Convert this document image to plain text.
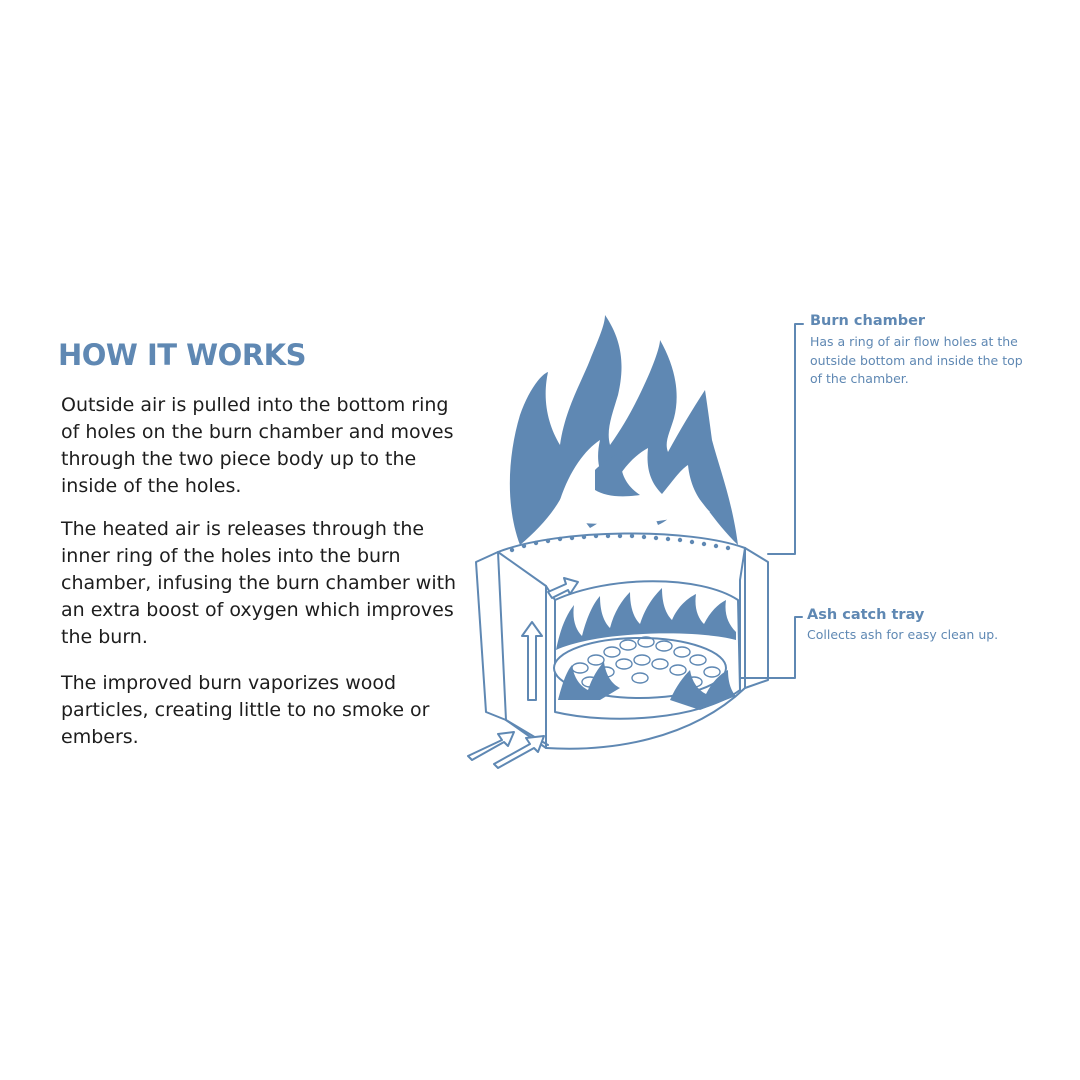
HOW IT WORKS

Outside air is pulled into the bottom ring of holes on the burn chamber and moves through the two piece body up to the inside of the holes.

The heated air is releases through the inner ring of the holes into the burn chamber, infusing the burn chamber with an extra boost of oxygen which improves the burn.

The improved burn vaporizes wood particles, creating little to no smoke or embers.

Burn chamber
Has a ring of air flow holes at the outside bottom and inside the top of the chamber.
Ash catch tray
Collects ash for easy clean up.
